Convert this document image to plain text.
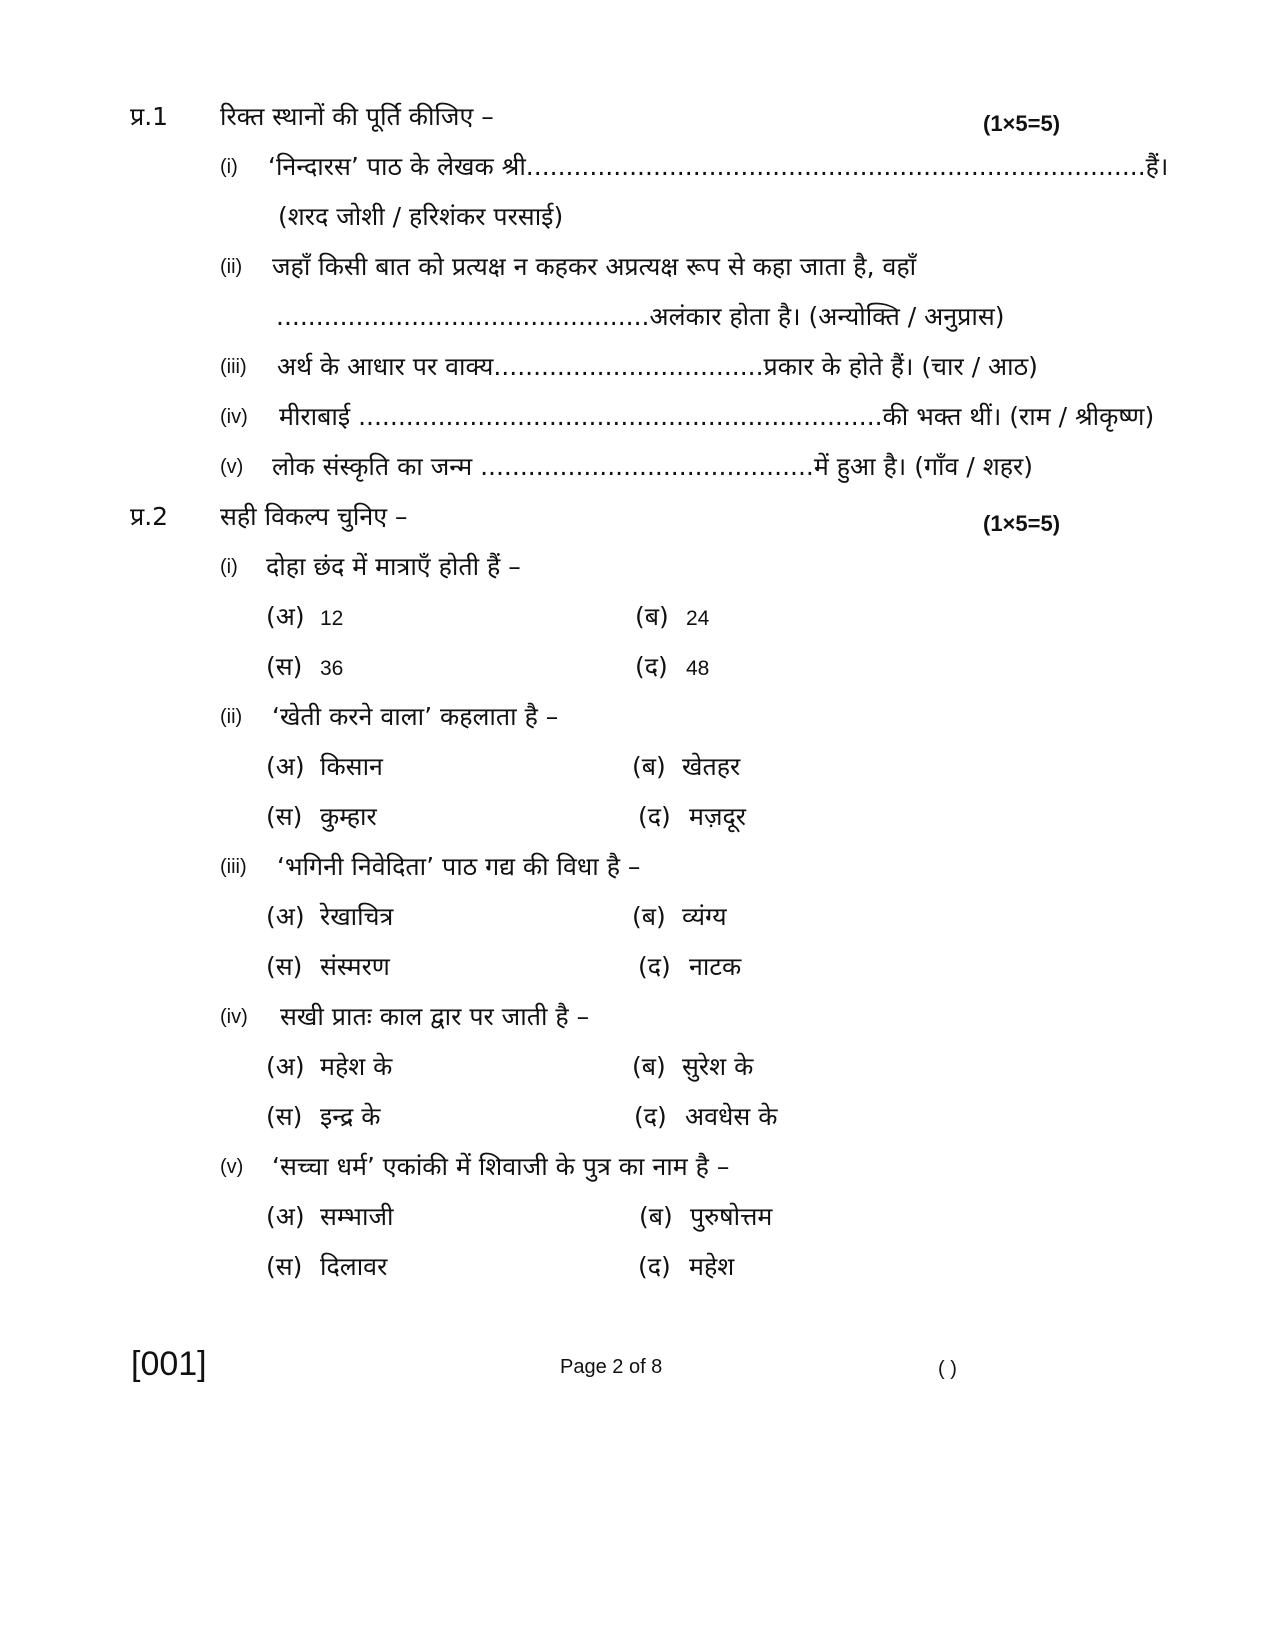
प्र.1 रिक्त स्थानों की पूर्ति कीजिए –	(1×5=5)
(i) ‘निन्दारस’ पाठ के लेखक श्री..............................................................................हैं।
(शरद जोशी / हरिशंकर परसाई)
(ii) जहाँ किसी बात को प्रत्यक्ष न कहकर अप्रत्यक्ष रूप से कहा जाता है, वहाँ
...............................................अलंकार होता है। (अन्योक्ति / अनुप्रास)
(iii) अर्थ के आधार पर वाक्य..................................प्रकार के होते हैं। (चार / आठ)
(iv) मीराबाई ..................................................................की भक्त थीं। (राम / श्रीकृष्ण)
(v) लोक संस्कृति का जन्म ..........................................में हुआ है। (गाँव / शहर)
प्र.2 सही विकल्प चुनिए –	(1×5=5)
(i) दोहा छंद में मात्राएँ होती हैं –
(अ) 12	(ब) 24
(स) 36	(द) 48
(ii) ‘खेती करने वाला’ कहलाता है –
(अ) किसान	(ब) खेतहर
(स) कुम्हार	(द) मज़दूर
(iii) ‘भगिनी निवेदिता’ पाठ गद्य की विधा है –
(अ) रेखाचित्र	(ब) व्यंग्य
(स) संस्मरण	(द) नाटक
(iv) सखी प्रातः काल द्वार पर जाती है –
(अ) महेश के	(ब) सुरेश के
(स) इन्द्र के	(द) अवधेस के
(v) ‘सच्चा धर्म’ एकांकी में शिवाजी के पुत्र का नाम है –
(अ) सम्भाजी	(ब) पुरुषोत्तम
(स) दिलावर	(द) महेश
[001]	Page 2 of 8	( )
